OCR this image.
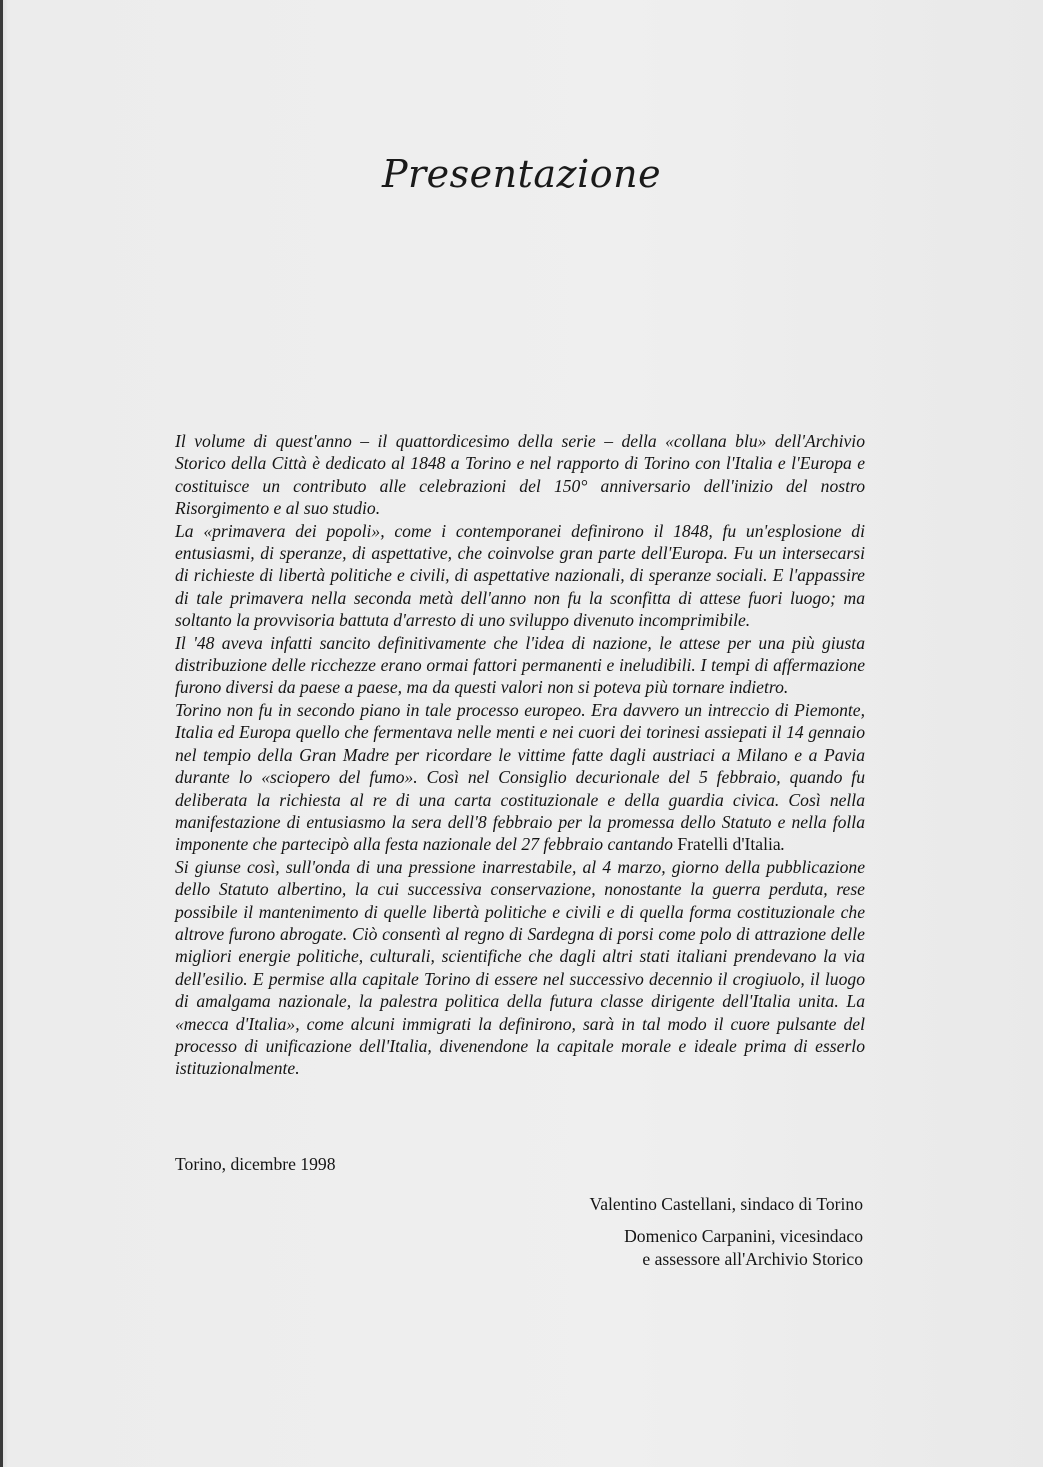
Presentazione

Il volume di quest'anno – il quattordicesimo della serie – della «collana blu» dell'Archivio Storico della Città è dedicato al 1848 a Torino e nel rapporto di Torino con l'Italia e l'Europa e costituisce un contributo alle celebrazioni del 150° anniversario dell'inizio del nostro Risorgimento e al suo studio.

La «primavera dei popoli», come i contemporanei definirono il 1848, fu un'esplosione di entusiasmi, di speranze, di aspettative, che coinvolse gran parte dell'Europa. Fu un intersecarsi di richieste di libertà politiche e civili, di aspettative nazionali, di speranze sociali. E l'appassire di tale primavera nella seconda metà dell'anno non fu la sconfitta di attese fuori luogo; ma soltanto la provvisoria battuta d'arresto di uno sviluppo divenuto incomprimibile.

Il '48 aveva infatti sancito definitivamente che l'idea di nazione, le attese per una più giusta distribuzione delle ricchezze erano ormai fattori permanenti e ineludibili. I tempi di affermazione furono diversi da paese a paese, ma da questi valori non si poteva più tornare indietro.

Torino non fu in secondo piano in tale processo europeo. Era davvero un intreccio di Piemonte, Italia ed Europa quello che fermentava nelle menti e nei cuori dei torinesi assiepati il 14 gennaio nel tempio della Gran Madre per ricordare le vittime fatte dagli austriaci a Milano e a Pavia durante lo «sciopero del fumo». Così nel Consiglio decurionale del 5 febbraio, quando fu deliberata la richiesta al re di una carta costituzionale e della guardia civica. Così nella manifestazione di entusiasmo la sera dell'8 febbraio per la promessa dello Statuto e nella folla imponente che partecipò alla festa nazionale del 27 febbraio cantando Fratelli d'Italia.

Si giunse così, sull'onda di una pressione inarrestabile, al 4 marzo, giorno della pubblicazione dello Statuto albertino, la cui successiva conservazione, nonostante la guerra perduta, rese possibile il mantenimento di quelle libertà politiche e civili e di quella forma costituzionale che altrove furono abrogate. Ciò consentì al regno di Sardegna di porsi come polo di attrazione delle migliori energie politiche, culturali, scientifiche che dagli altri stati italiani prendevano la via dell'esilio. E permise alla capitale Torino di essere nel successivo decennio il crogiuolo, il luogo di amalgama nazionale, la palestra politica della futura classe dirigente dell'Italia unita. La «mecca d'Italia», come alcuni immigrati la definirono, sarà in tal modo il cuore pulsante del processo di unificazione dell'Italia, divenendone la capitale morale e ideale prima di esserlo istituzionalmente.

Torino, dicembre 1998
Valentino Castellani, sindaco di Torino
Domenico Carpanini, vicesindaco
e assessore all'Archivio Storico
